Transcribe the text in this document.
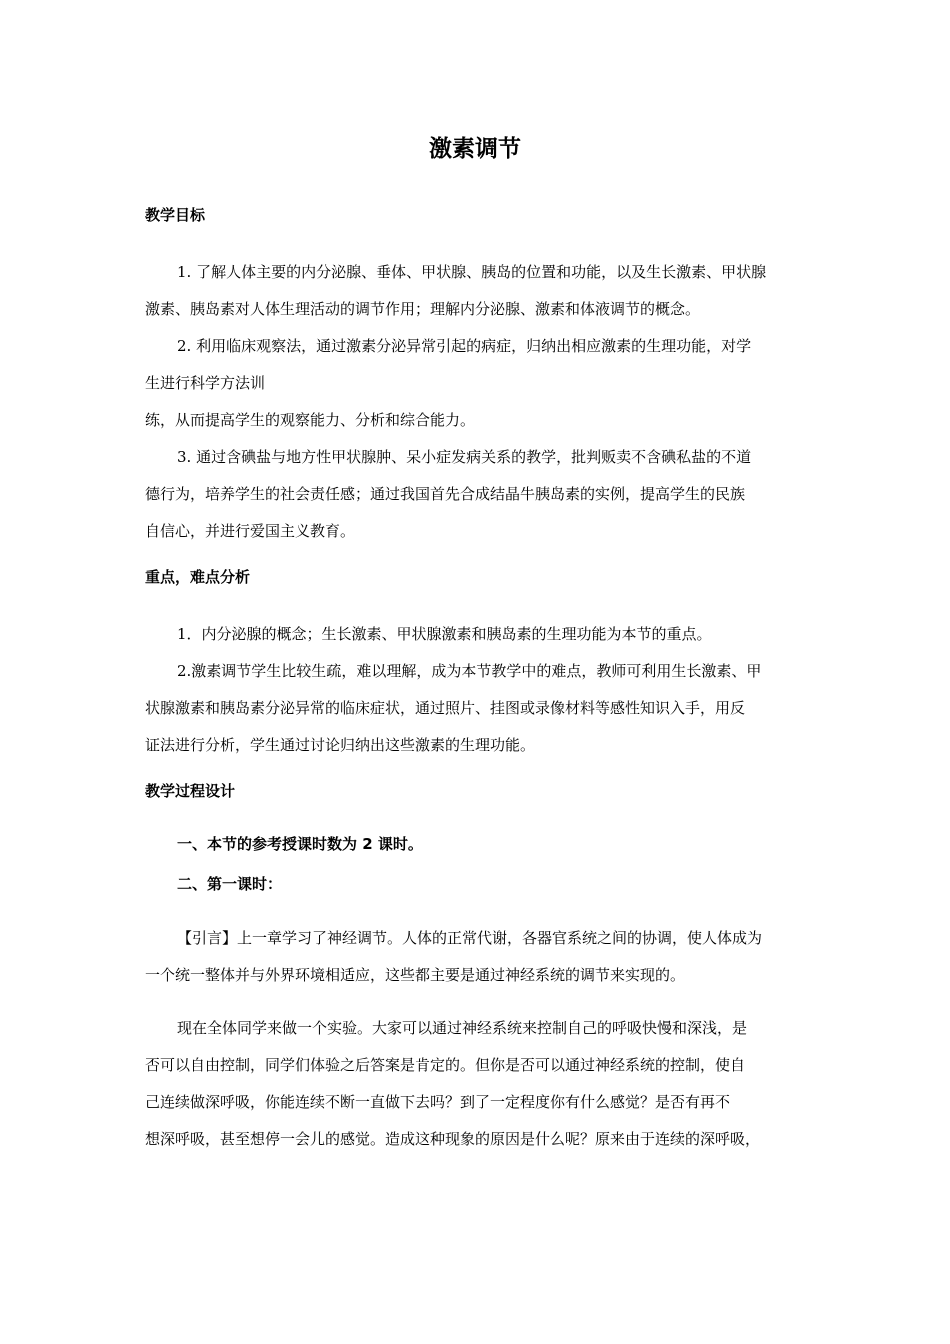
激素调节

教学目标

1. 了解人体主要的内分泌腺、垂体、甲状腺、胰岛的位置和功能，以及生长激素、甲状腺
激素、胰岛素对人体生理活动的调节作用；理解内分泌腺、激素和体液调节的概念。

2. 利用临床观察法，通过激素分泌异常引起的病症，归纳出相应激素的生理功能，对学
生进行科学方法训
练，从而提高学生的观察能力、分析和综合能力。

3. 通过含碘盐与地方性甲状腺肿、呆小症发病关系的教学，批判贩卖不含碘私盐的不道
德行为，培养学生的社会责任感；通过我国首先合成结晶牛胰岛素的实例，提高学生的民族
自信心，并进行爱国主义教育。

重点，难点分析

1．内分泌腺的概念；生长激素、甲状腺激素和胰岛素的生理功能为本节的重点。

2.激素调节学生比较生疏，难以理解，成为本节教学中的难点，教师可利用生长激素、甲
状腺激素和胰岛素分泌异常的临床症状，通过照片、挂图或录像材料等感性知识入手，用反
证法进行分析，学生通过讨论归纳出这些激素的生理功能。

教学过程设计

一、本节的参考授课时数为 2 课时。

二、第一课时：

【引言】上一章学习了神经调节。人体的正常代谢，各器官系统之间的协调，使人体成为
一个统一整体并与外界环境相适应，这些都主要是通过神经系统的调节来实现的。

现在全体同学来做一个实验。大家可以通过神经系统来控制自己的呼吸快慢和深浅，是
否可以自由控制，同学们体验之后答案是肯定的。但你是否可以通过神经系统的控制，使自
己连续做深呼吸，你能连续不断一直做下去吗？到了一定程度你有什么感觉？是否有再不
想深呼吸，甚至想停一会儿的感觉。造成这种现象的原因是什么呢？原来由于连续的深呼吸，
